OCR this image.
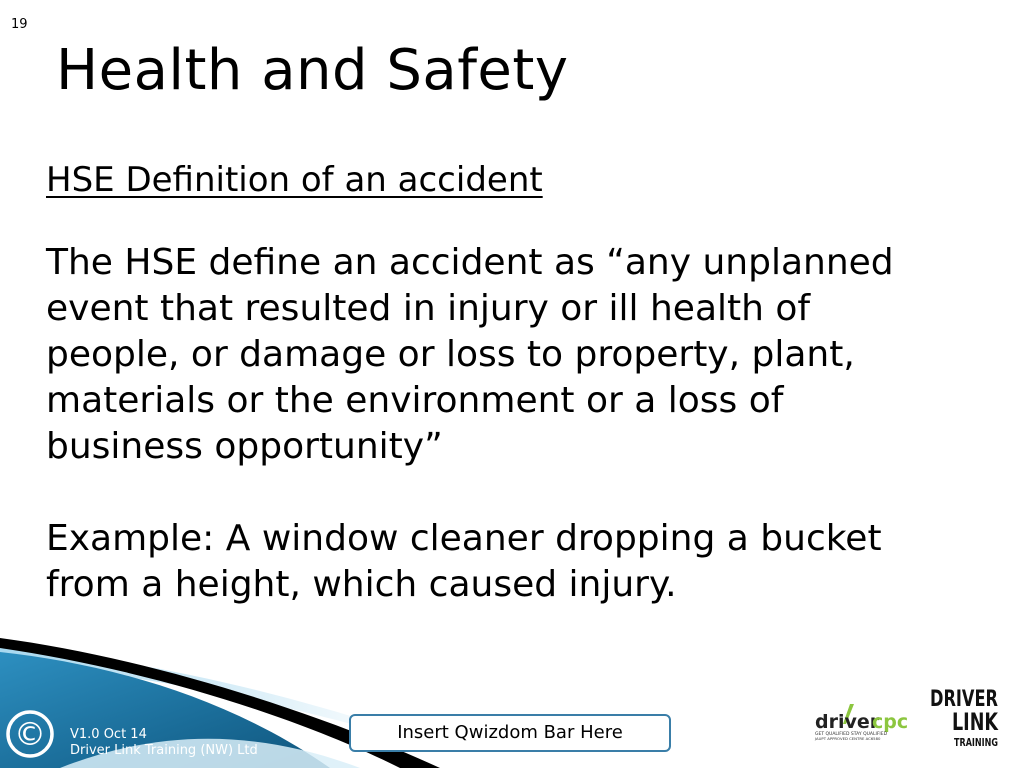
19
Health and Safety
HSE Definition of an accident

The HSE define an accident as “any unplanned event that resulted in injury or ill health of people, or damage or loss to property, plant, materials or the environment or a loss of business opportunity”

Example: A window cleaner dropping a bucket from a height, which caused injury.

© V1.0 Oct 14
Driver Link Training (NW) Ltd
Insert Qwizdom Bar Here	driver
cpc
GET QUALIFIED STAY QUALIFIED
JAUPT APPROVED CENTRE AC6580
DRIVER
LINK
TRAINING
